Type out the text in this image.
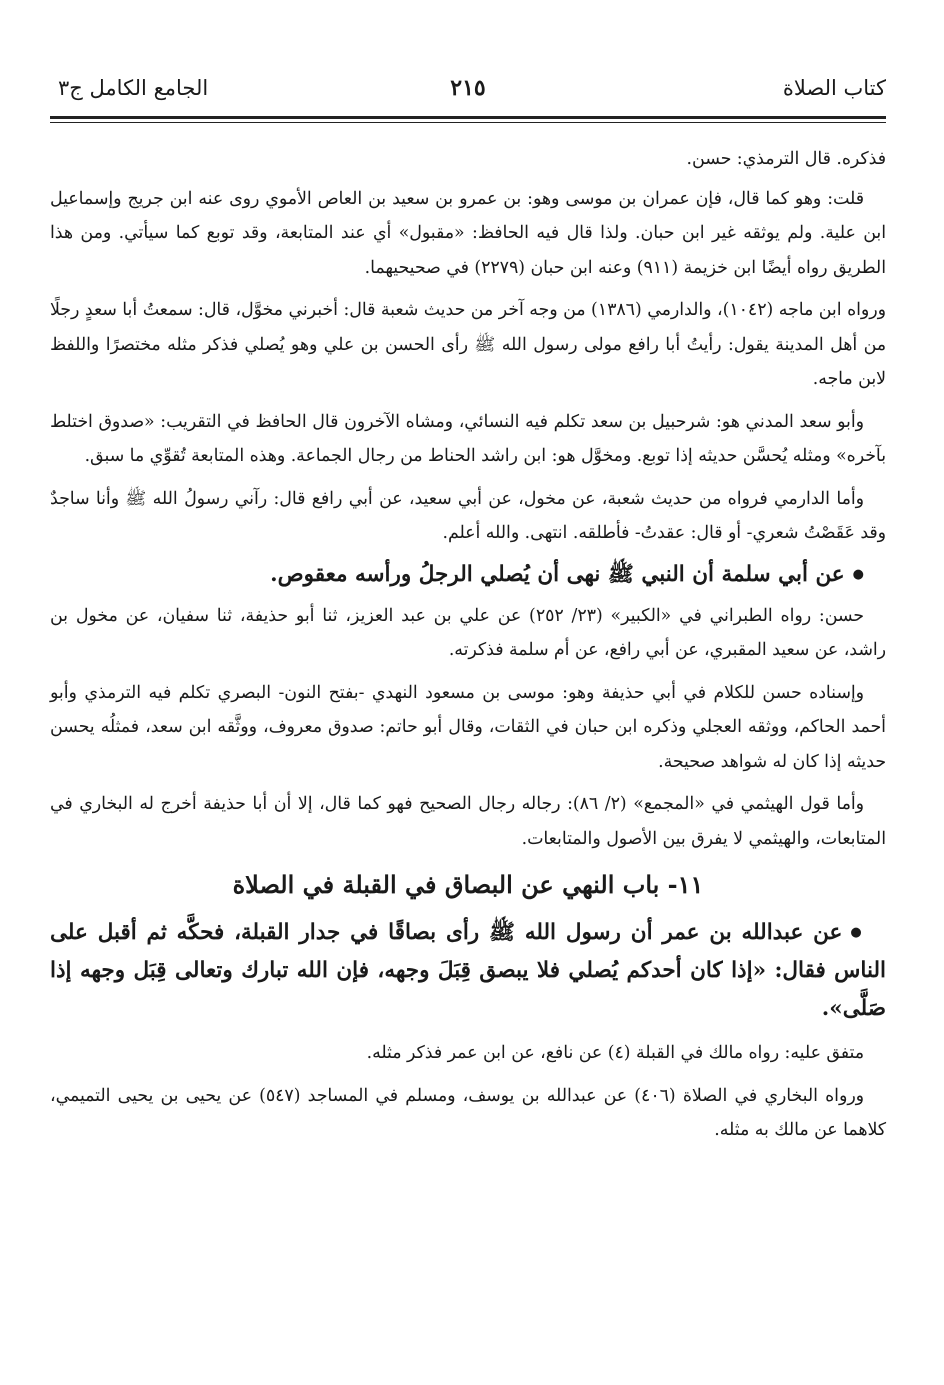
كتاب الصلاة
٢١٥
الجامع الكامل ج٣

فذكره. قال الترمذي: حسن.

قلت: وهو كما قال، فإن عمران بن موسى وهو: بن عمرو بن سعيد بن العاص الأموي روى عنه ابن جريج وإسماعيل ابن علية. ولم يوثقه غير ابن حبان. ولذا قال فيه الحافظ: «مقبول» أي عند المتابعة، وقد توبع كما سيأتي. ومن هذا الطريق رواه أيضًا ابن خزيمة (٩١١) وعنه ابن حبان (٢٢٧٩) في صحيحيهما.

ورواه ابن ماجه (١٠٤٢)، والدارمي (١٣٨٦) من وجه آخر من حديث شعبة قال: أخبرني مخوَّل، قال: سمعتُ أبا سعدٍ رجلًا من أهل المدينة يقول: رأيتُ أبا رافع مولى رسول الله ﷺ رأى الحسن بن علي وهو يُصلي فذكر مثله مختصرًا واللفظ لابن ماجه.

وأبو سعد المدني هو: شرحبيل بن سعد تكلم فيه النسائي، ومشاه الآخرون قال الحافظ في التقريب: «صدوق اختلط بآخره» ومثله يُحسَّن حديثه إذا توبع. ومخوَّل هو: ابن راشد الحناط من رجال الجماعة. وهذه المتابعة تُقوِّي ما سبق.

وأما الدارمي فرواه من حديث شعبة، عن مخول، عن أبي سعيد، عن أبي رافع قال: رآني رسولُ الله ﷺ وأنا ساجدٌ وقد عَقَصْتُ شعري- أو قال: عقدتُ- فأطلقه. انتهى. والله أعلم.

●عن أبي سلمة أن النبي ﷺ نهى أن يُصلي الرجلُ ورأسه معقوص.

حسن: رواه الطبراني في «الكبير» (٢٣/ ٢٥٢) عن علي بن عبد العزيز، ثنا أبو حذيفة، ثنا سفيان، عن مخول بن راشد، عن سعيد المقبري، عن أبي رافع، عن أم سلمة فذكرته.

وإسناده حسن للكلام في أبي حذيفة وهو: موسى بن مسعود النهدي -بفتح النون- البصري تكلم فيه الترمذي وأبو أحمد الحاكم، ووثقه العجلي وذكره ابن حبان في الثقات، وقال أبو حاتم: صدوق معروف، ووثَّقه ابن سعد، فمثلُه يحسن حديثه إذا كان له شواهد صحيحة.

وأما قول الهيثمي في «المجمع» (٢/ ٨٦): رجاله رجال الصحيح فهو كما قال، إلا أن أبا حذيفة أخرج له البخاري في المتابعات، والهيثمي لا يفرق بين الأصول والمتابعات.

١١- باب النهي عن البصاق في القبلة في الصلاة

●عن عبدالله بن عمر أن رسول الله ﷺ رأى بصاقًا في جدار القبلة، فحكَّه ثم أقبل على الناس فقال: «إذا كان أحدكم يُصلي فلا يبصق قِبَلَ وجهه، فإن الله تبارك وتعالى قِبَل وجهه إذا صَلَّى».

متفق عليه: رواه مالك في القبلة (٤) عن نافع، عن ابن عمر فذكر مثله.

ورواه البخاري في الصلاة (٤٠٦) عن عبدالله بن يوسف، ومسلم في المساجد (٥٤٧) عن يحيى بن يحيى التميمي، كلاهما عن مالك به مثله.
